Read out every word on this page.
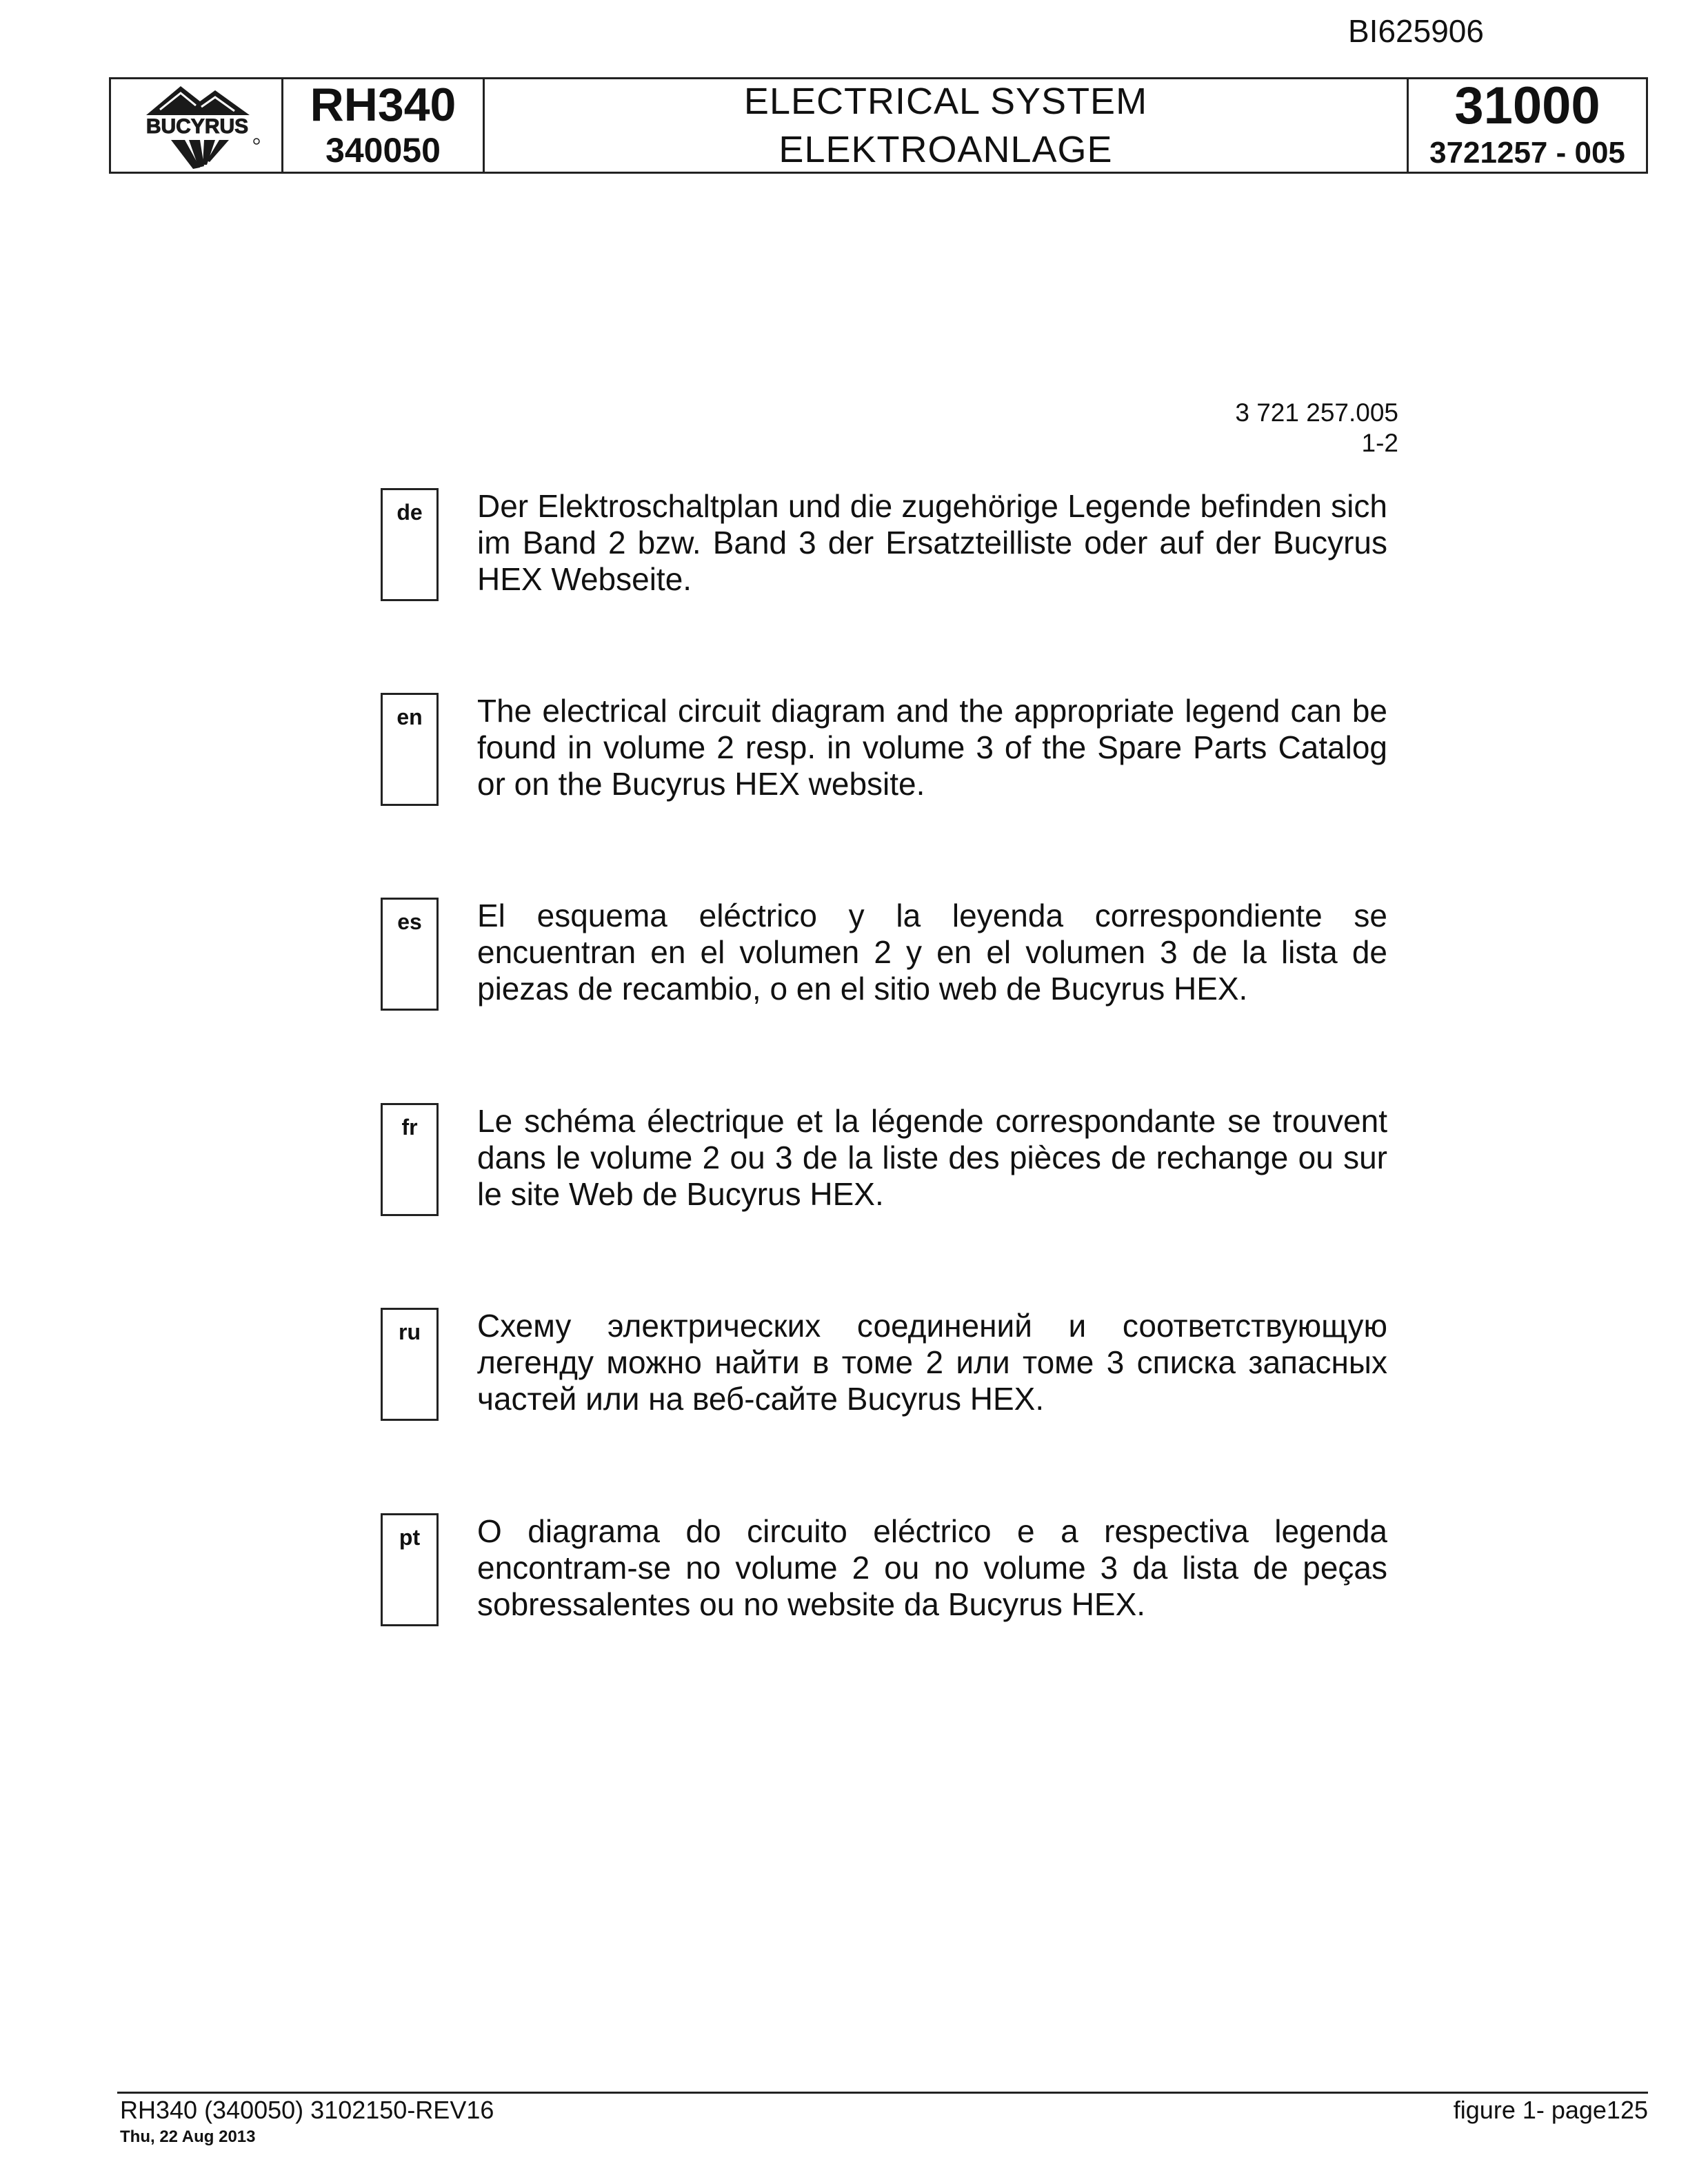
BI625906
BUCYRUS RH340
340050
ELECTRICAL SYSTEM
ELEKTROANLAGE
31000
3721257 - 005
3 721 257.005
1-2
de	Der Elektroschaltplan und die zugehörige Legende befinden sich im Band 2 bzw. Band 3 der Ersatzteilliste oder auf der Bucyrus HEX Webseite.
en	The electrical circuit diagram and the appropriate legend can be found in volume 2 resp. in volume 3 of the Spare Parts Catalog or on the Bucyrus HEX website.
es	El esquema eléctrico y la leyenda correspondiente se encuentran en el volumen 2 y en el volumen 3 de la lista de piezas de recambio, o en el sitio web de Bucyrus HEX.
fr	Le schéma électrique et la légende correspondante se trouvent dans le volume 2 ou 3 de la liste des pièces de rechange ou sur le site Web de Bucyrus HEX.
ru	Схему электрических соединений и соответствующую легенду можно найти в томе 2 или томе 3 списка запасных частей или на веб-сайте Bucyrus HEX.
pt	O diagrama do circuito eléctrico e a respectiva legenda encontram-se no volume 2 ou no volume 3 da lista de peças sobressalentes ou no website da Bucyrus HEX.
RH340 (340050) 3102150-REV16
Thu, 22 Aug 2013
figure 1- page125
